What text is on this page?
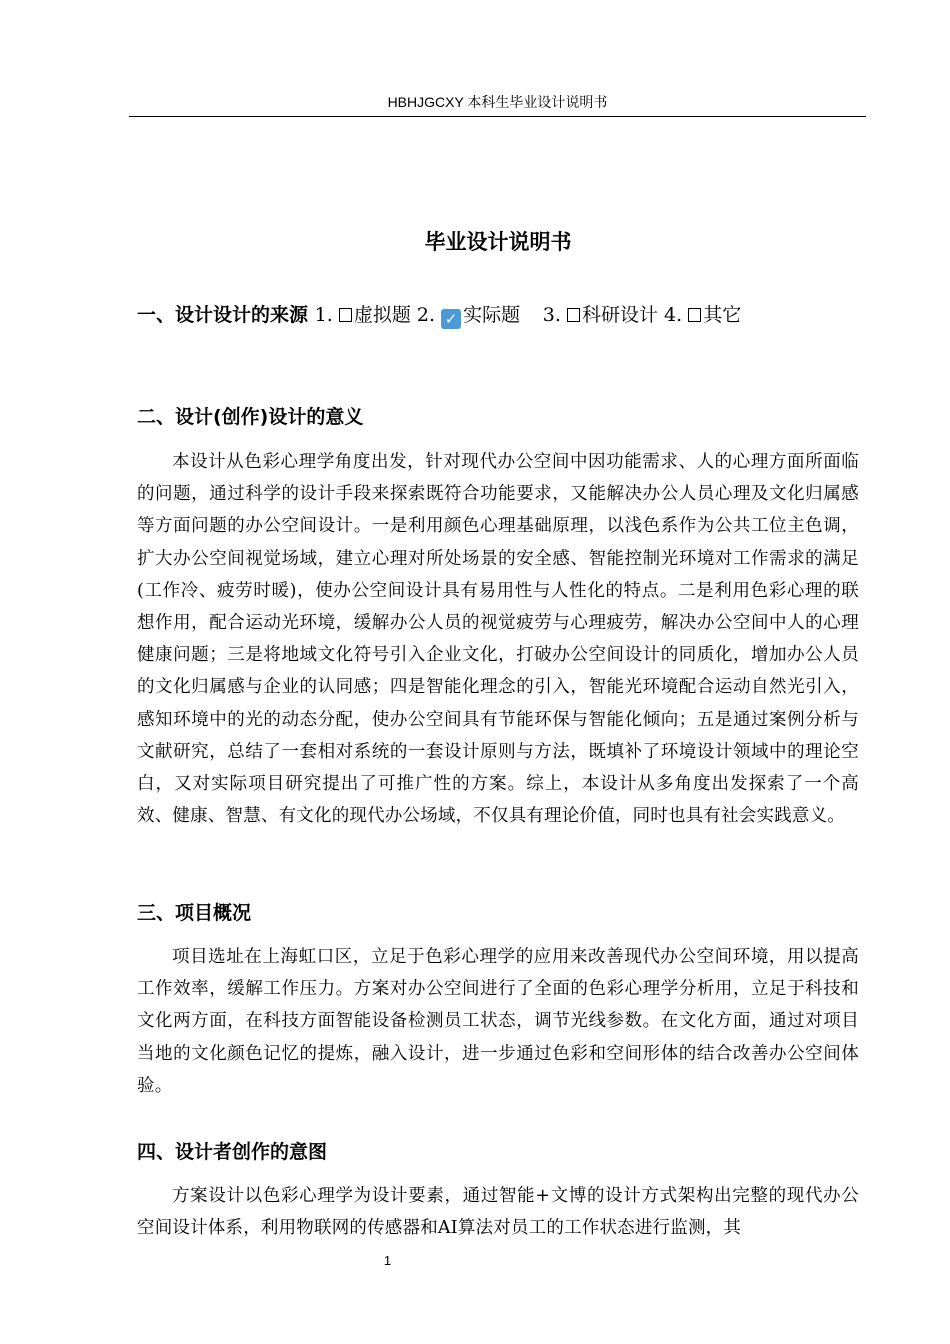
HBHJGCXY 本科生毕业设计说明书
毕业设计说明书
一、设计设计的来源 1. 虚拟题 2. ✓ 实际题 3. 科研设计 4. 其它
二、设计(创作)设计的意义

本设计从色彩心理学角度出发，针对现代办公空间中因功能需求、人的心理方面所面临的问题，通过科学的设计手段来探索既符合功能要求，又能解决办公人员心理及文化归属感等方面问题的办公空间设计。一是利用颜色心理基础原理，以浅色系作为公共工位主色调，扩大办公空间视觉场域，建立心理对所处场景的安全感、智能控制光环境对工作需求的满足(工作冷、疲劳时暖)，使办公空间设计具有易用性与人性化的特点。二是利用色彩心理的联想作用，配合运动光环境，缓解办公人员的视觉疲劳与心理疲劳，解决办公空间中人的心理健康问题；三是将地域文化符号引入企业文化，打破办公空间设计的同质化，增加办公人员的文化归属感与企业的认同感；四是智能化理念的引入，智能光环境配合运动自然光引入，感知环境中的光的动态分配，使办公空间具有节能环保与智能化倾向；五是通过案例分析与文献研究，总结了一套相对系统的一套设计原则与方法，既填补了环境设计领域中的理论空白，又对实际项目研究提出了可推广性的方案。综上，本设计从多角度出发探索了一个高效、健康、智慧、有文化的现代办公场域，不仅具有理论价值，同时也具有社会实践意义。

三、项目概况

项目选址在上海虹口区，立足于色彩心理学的应用来改善现代办公空间环境，用以提高工作效率，缓解工作压力。方案对办公空间进行了全面的色彩心理学分析用，立足于科技和文化两方面，在科技方面智能设备检测员工状态，调节光线参数。在文化方面，通过对项目当地的文化颜色记忆的提炼，融入设计，进一步通过色彩和空间形体的结合改善办公空间体验。

四、设计者创作的意图

方案设计以色彩心理学为设计要素，通过智能+文博的设计方式架构出完整的现代办公空间设计体系，利用物联网的传感器和AI算法对员工的工作状态进行监测，其

1
